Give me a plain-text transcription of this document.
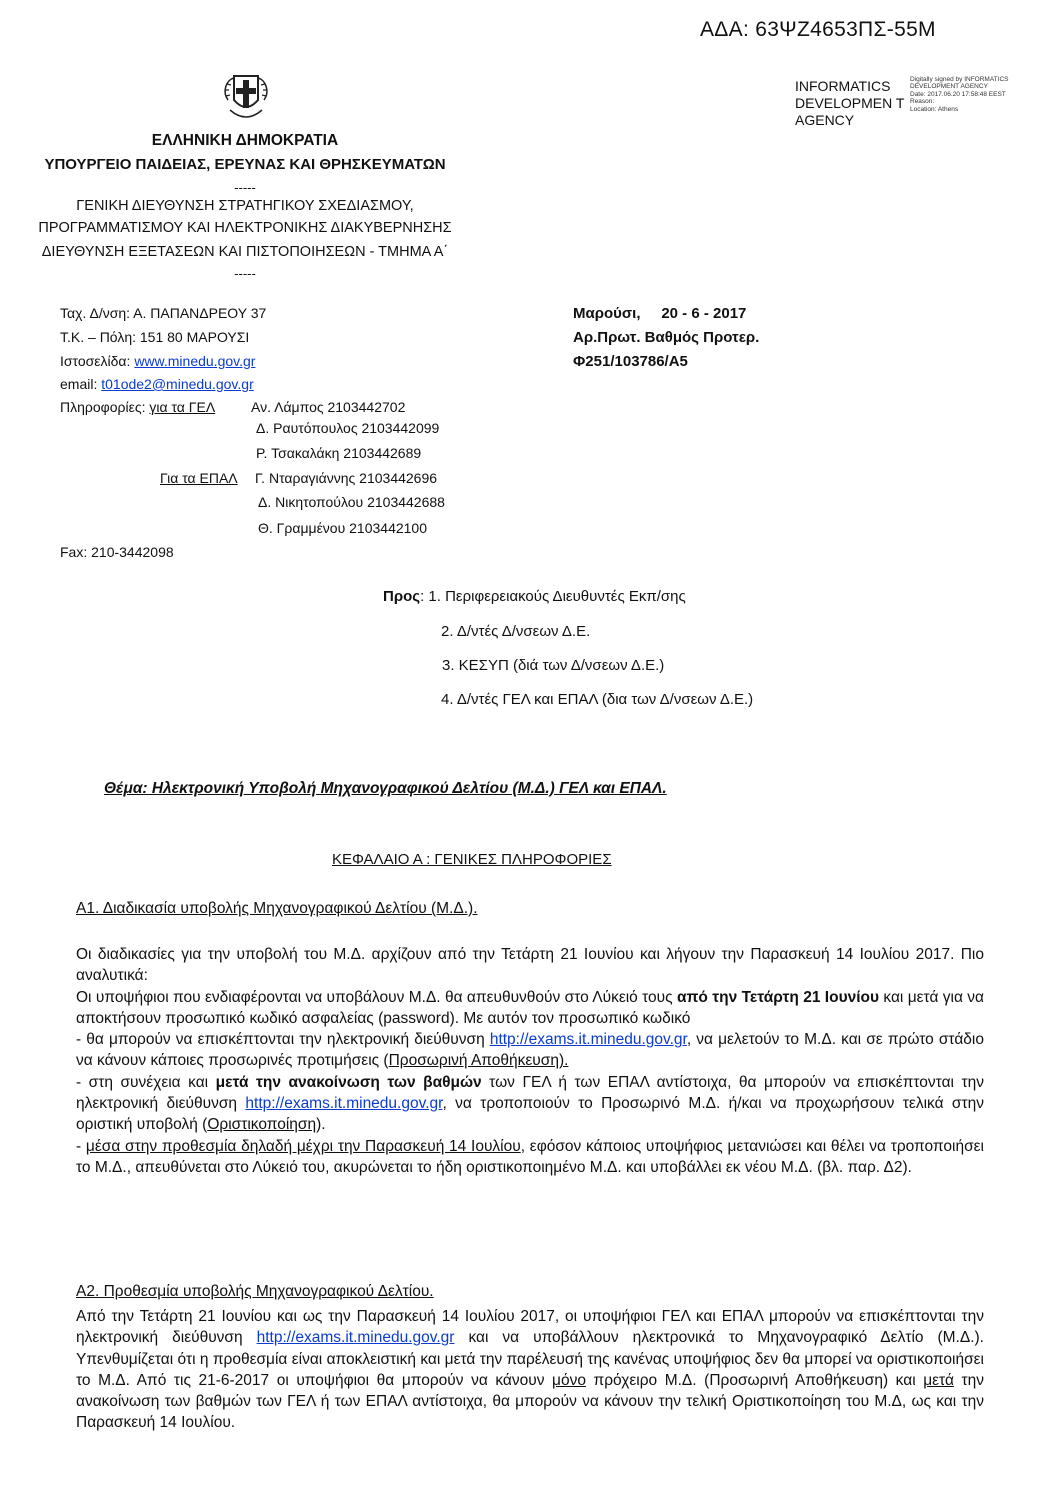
ΑΔΑ: 63ΨΖ4653ΠΣ-55Μ
INFORMATICS DEVELOPMEN T AGENCY
Digitally signed by INFORMATICS DEVELOPMENT AGENCY
Date: 2017.06.20 17:58:48 EEST
Reason:
Location: Athens
ΕΛΛΗΝΙΚΗ ΔΗΜΟΚΡΑΤΙΑ
ΥΠΟΥΡΓΕΙΟ ΠΑΙΔΕΙΑΣ, ΕΡΕΥΝΑΣ ΚΑΙ ΘΡΗΣΚΕΥΜΑΤΩΝ
-----
ΓΕΝΙΚΗ ΔΙΕΥΘΥΝΣΗ ΣΤΡΑΤΗΓΙΚΟΥ ΣΧΕΔΙΑΣΜΟΥ,
ΠΡΟΓΡΑΜΜΑΤΙΣΜΟΥ ΚΑΙ ΗΛΕΚΤΡΟΝΙΚΗΣ ΔΙΑΚΥΒΕΡΝΗΣΗΣ
ΔΙΕΥΘΥΝΣΗ ΕΞΕΤΑΣΕΩΝ ΚΑΙ ΠΙΣΤΟΠΟΙΗΣΕΩΝ - ΤΜΗΜΑ Α΄
-----
Ταχ. Δ/νση: Α. ΠΑΠΑΝΔΡΕΟΥ 37
Τ.Κ. – Πόλη: 151 80 ΜΑΡΟΥΣΙ
Ιστοσελίδα: www.minedu.gov.gr
email: t01ode2@minedu.gov.gr
Πληροφορίες: για τα ΓΕΛ	Αν. Λάμπος 2103442702
Δ. Ραυτόπουλος 2103442099
Ρ. Τσακαλάκη 2103442689
Για τα ΕΠΑΛ Γ. Νταραγιάννης 2103442696
Δ. Νικητοπούλου 2103442688
Θ. Γραμμένου 2103442100
Fax: 210-3442098
Μαρούσι,     20 - 6 - 2017
Αρ.Πρωτ. Βαθμός Προτερ.
Φ251/103786/Α5
Προς: 1. Περιφερειακούς Διευθυντές Εκπ/σης
2. Δ/ντές Δ/νσεων Δ.Ε.
3. ΚΕΣΥΠ (διά των Δ/νσεων Δ.Ε.)
4. Δ/ντές ΓΕΛ και ΕΠΑΛ (δια των Δ/νσεων Δ.Ε.)
Θέμα: Ηλεκτρονική Υποβολή Μηχανογραφικού Δελτίου (Μ.Δ.) ΓΕΛ και ΕΠΑΛ.
ΚΕΦΑΛΑΙΟ Α : ΓΕΝΙΚΕΣ ΠΛΗΡΟΦΟΡΙΕΣ
Α1. Διαδικασία υποβολής Μηχανογραφικού Δελτίου (Μ.Δ.).

Οι διαδικασίες για την υποβολή του Μ.Δ. αρχίζουν από την Τετάρτη 21 Ιουνίου και λήγουν την Παρασκευή 14 Ιουλίου 2017. Πιο αναλυτικά:

Οι υποψήφιοι που ενδιαφέρονται να υποβάλουν Μ.Δ. θα απευθυνθούν στο Λύκειό τους από την Τετάρτη 21 Ιουνίου και μετά για να αποκτήσουν προσωπικό κωδικό ασφαλείας (password). Με αυτόν τον προσωπικό κωδικό

- θα μπορούν να επισκέπτονται την ηλεκτρονική διεύθυνση http://exams.it.minedu.gov.gr, να μελετούν το Μ.Δ. και σε πρώτο στάδιο να κάνουν κάποιες προσωρινές προτιμήσεις (Προσωρινή Αποθήκευση).

- στη συνέχεια και μετά την ανακοίνωση των βαθμών των ΓΕΛ ή των ΕΠΑΛ αντίστοιχα, θα μπορούν να επισκέπτονται την ηλεκτρονική διεύθυνση http://exams.it.minedu.gov.gr, να τροποποιούν το Προσωρινό Μ.Δ. ή/και να προχωρήσουν τελικά στην οριστική υποβολή (Οριστικοποίηση).

- μέσα στην προθεσμία δηλαδή μέχρι την Παρασκευή 14 Ιουλίου, εφόσον κάποιος υποψήφιος μετανιώσει και θέλει να τροποποιήσει το Μ.Δ., απευθύνεται στο Λύκειό του, ακυρώνεται το ήδη οριστικοποιημένο Μ.Δ. και υποβάλλει εκ νέου Μ.Δ. (βλ. παρ. Δ2).

Α2. Προθεσμία υποβολής Μηχανογραφικού Δελτίου.

Από την Τετάρτη 21 Ιουνίου και ως την Παρασκευή 14 Ιουλίου 2017, οι υποψήφιοι ΓΕΛ και ΕΠΑΛ μπορούν να επισκέπτονται την ηλεκτρονική διεύθυνση http://exams.it.minedu.gov.gr και να υποβάλλουν ηλεκτρονικά το Μηχανογραφικό Δελτίο (Μ.Δ.). Υπενθυμίζεται ότι η προθεσμία είναι αποκλειστική και μετά την παρέλευσή της κανένας υποψήφιος δεν θα μπορεί να οριστικοποιήσει το Μ.Δ. Από τις 21-6-2017 οι υποψήφιοι θα μπορούν να κάνουν μόνο πρόχειρο Μ.Δ. (Προσωρινή Αποθήκευση) και μετά την ανακοίνωση των βαθμών των ΓΕΛ ή των ΕΠΑΛ αντίστοιχα, θα μπορούν να κάνουν την τελική Οριστικοποίηση του Μ.Δ, ως και την Παρασκευή 14 Ιουλίου.
